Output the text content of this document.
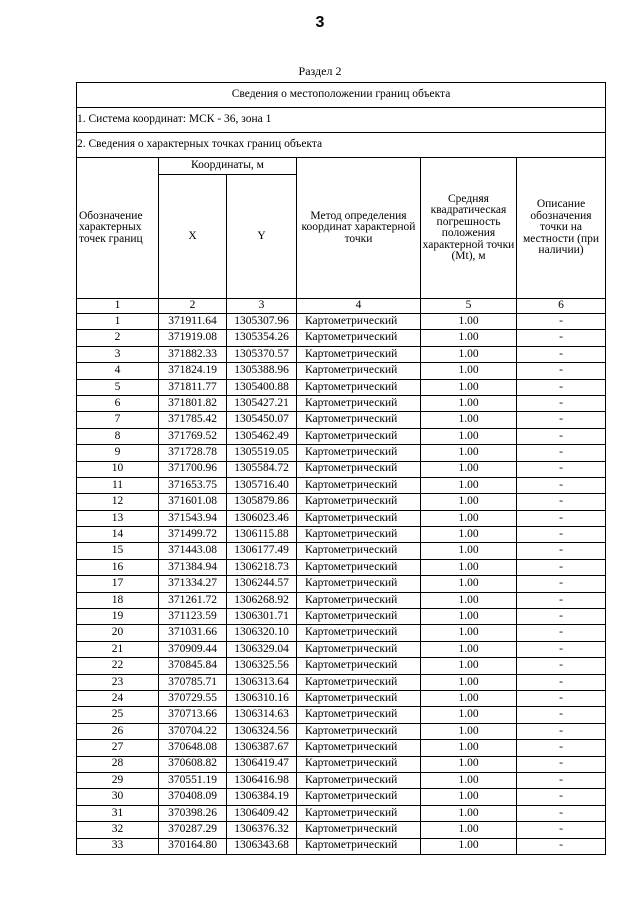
3
Раздел 2
Сведения о местоположении границ объекта					
1. Система координат: МСК - 36, зона 1					
2. Сведения о характерных точках границ объекта					
Обозначение характерных точек границ	Координаты, м		Метод определения координат характерной точки	Средняя квадратическая погрешность положения характерной точки (Mt), м	Описание обозначения точки на местности (при наличии)
	X	Y			
1	2	3	4	5	6
1	371911.64	1305307.96	Картометрический	1.00	-
2	371919.08	1305354.26	Картометрический	1.00	-
3	371882.33	1305370.57	Картометрический	1.00	-
4	371824.19	1305388.96	Картометрический	1.00	-
5	371811.77	1305400.88	Картометрический	1.00	-
6	371801.82	1305427.21	Картометрический	1.00	-
7	371785.42	1305450.07	Картометрический	1.00	-
8	371769.52	1305462.49	Картометрический	1.00	-
9	371728.78	1305519.05	Картометрический	1.00	-
10	371700.96	1305584.72	Картометрический	1.00	-
11	371653.75	1305716.40	Картометрический	1.00	-
12	371601.08	1305879.86	Картометрический	1.00	-
13	371543.94	1306023.46	Картометрический	1.00	-
14	371499.72	1306115.88	Картометрический	1.00	-
15	371443.08	1306177.49	Картометрический	1.00	-
16	371384.94	1306218.73	Картометрический	1.00	-
17	371334.27	1306244.57	Картометрический	1.00	-
18	371261.72	1306268.92	Картометрический	1.00	-
19	371123.59	1306301.71	Картометрический	1.00	-
20	371031.66	1306320.10	Картометрический	1.00	-
21	370909.44	1306329.04	Картометрический	1.00	-
22	370845.84	1306325.56	Картометрический	1.00	-
23	370785.71	1306313.64	Картометрический	1.00	-
24	370729.55	1306310.16	Картометрический	1.00	-
25	370713.66	1306314.63	Картометрический	1.00	-
26	370704.22	1306324.56	Картометрический	1.00	-
27	370648.08	1306387.67	Картометрический	1.00	-
28	370608.82	1306419.47	Картометрический	1.00	-
29	370551.19	1306416.98	Картометрический	1.00	-
30	370408.09	1306384.19	Картометрический	1.00	-
31	370398.26	1306409.42	Картометрический	1.00	-
32	370287.29	1306376.32	Картометрический	1.00	-
33	370164.80	1306343.68	Картометрический	1.00	-
